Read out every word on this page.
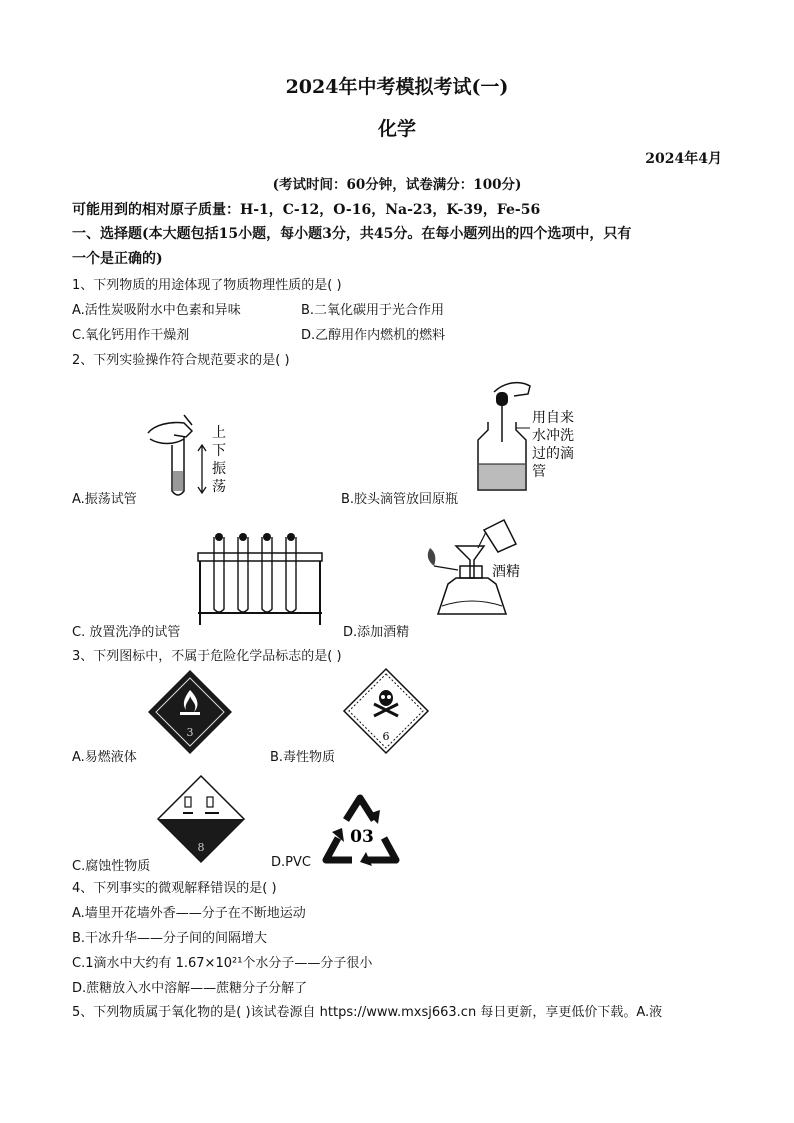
2024年中考模拟考试(一)
化学
2024年4月
(考试时间：60分钟，试卷满分：100分)
可能用到的相对原子质量：H-1，C-12，O-16，Na-23，K-39，Fe-56
一、选择题(本大题包括15小题，每小题3分，共45分。在每小题列出的四个选项中，只有
一个是正确的)
1、下列物质的用途体现了物质物理性质的是( )
A.活性炭吸附水中色素和异味	B.二氧化碳用于光合作用
C.氧化钙用作干燥剂	D.乙醇用作内燃机的燃料
2、下列实验操作符合规范要求的是( )
上
下
振
荡
A.振荡试管
用自来
水冲洗
过的滴
管
B.胶头滴管放回原瓶
C. 放置洗净的试管
酒精
D.添加酒精
3、下列图标中，不属于危险化学品标志的是( )
3
A.易燃液体
6
B.毒性物质
8
C.腐蚀性物质
03
D.PVC
4、下列事实的微观解释错误的是( )
A.墙里开花墙外香——分子在不断地运动
B.干冰升华——分子间的间隔增大
C.1滴水中大约有 1.67×10²¹个水分子——分子很小
D.蔗糖放入水中溶解——蔗糖分子分解了
5、下列物质属于氧化物的是( )该试卷源自 https://www.mxsj663.cn 每日更新，享更低价下载。A.液
